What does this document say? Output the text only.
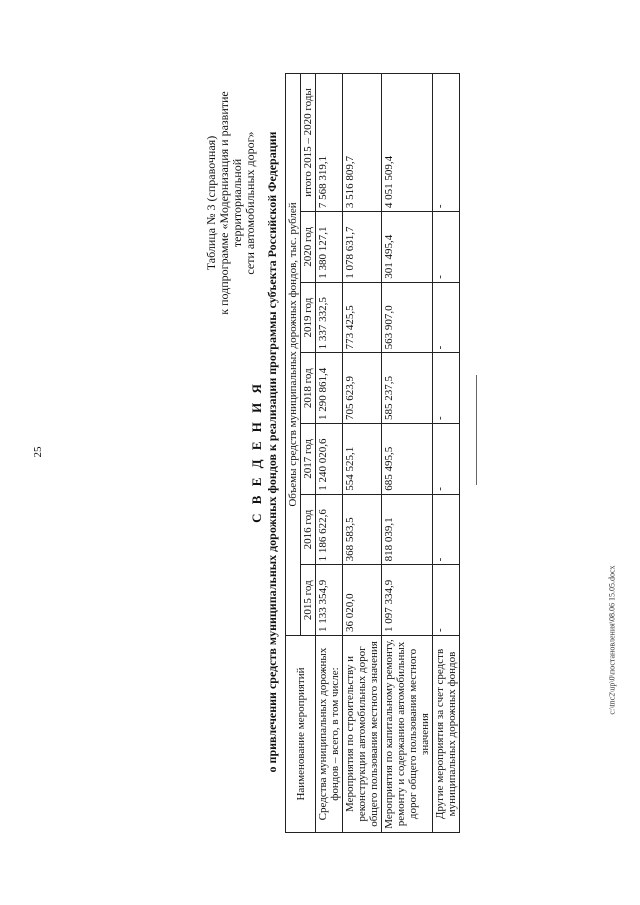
25
c:\tnc2\up\0\постановления\08.06 15.05.docx
Таблица № 3 (справочная) к подпрограмме «Модернизация и развитие территориальной сети автомобильных дорог»
С В Е Д Е Н И Я о привлечении средств муниципальных дорожных фондов к реализации программы субъекта Российской Федерации Наименование мероприятий	Объемы средств муниципальных дорожных фондов, тыс. рублей						
	2015 год	2016 год	2017 год	2018 год	2019 год	2020 год	итого 2015 – 2020 годы
Средства муниципальных дорожных фондов – всего, в том числе:	1 133 354,9	1 186 622,6	1 240 020,6	1 290 861,4	1 337 332,5	1 380 127,1	7 568 319,1
Мероприятия по строительству и реконструкции автомобильных дорог общего пользования местного значения	36 020,0	368 583,5	554 525,1	705 623,9	773 425,5	1 078 631,7	3 516 809,7
Мероприятия по капитальному ремонту, ремонту и содержанию автомобильных дорог общего пользования местного значения	1 097 334,9	818 039,1	685 495,5	585 237,5	563 907,0	301 495,4	4 051 509,4
Другие мероприятия за счет средств муниципальных дорожных фондов	-	-	-	-	-	-	-
